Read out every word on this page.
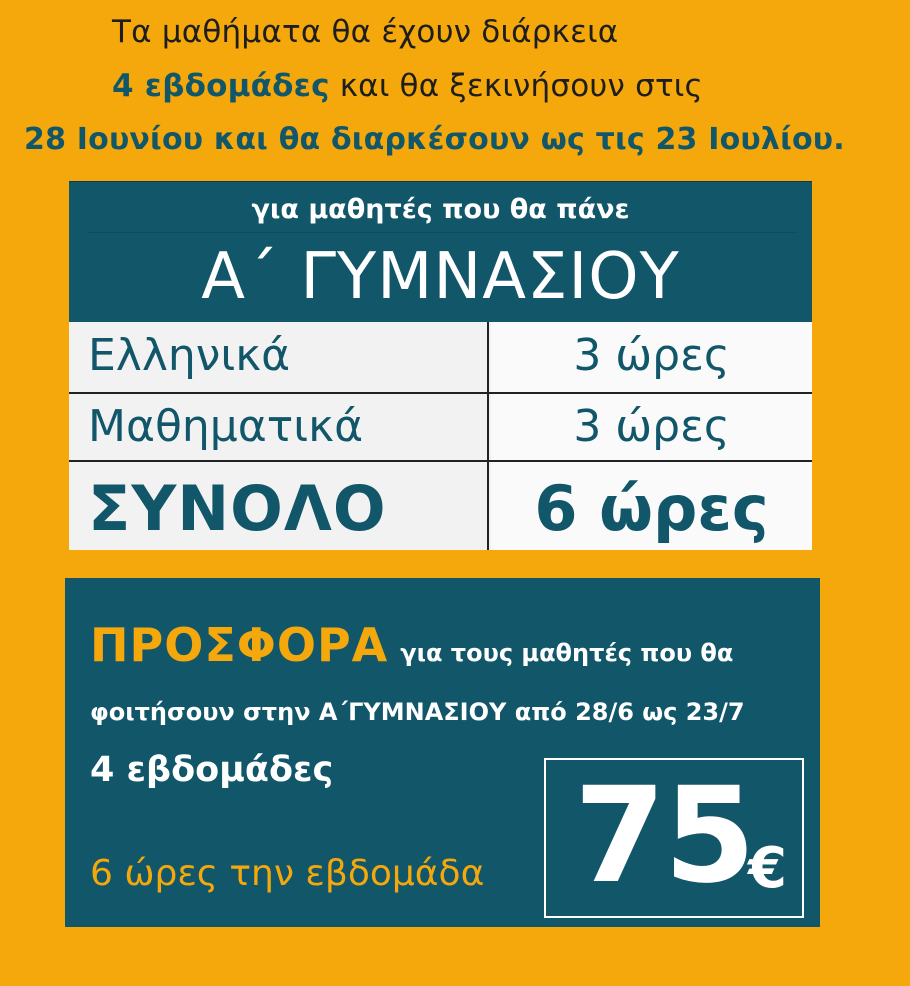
Τα μαθήματα θα έχουν διάρκεια
4 εβδομάδες και θα ξεκινήσουν στις
28 Ιουνίου και θα διαρκέσουν ως τις 23 Ιουλίου.
για μαθητές που θα πάνε
Α΄ ΓΥΜΝΑΣΙΟΥ
Ελληνικά	3 ώρες
Μαθηματικά	3 ώρες
ΣΥΝΟΛΟ	6 ώρες
ΠΡΟΣΦΟΡΑ για τους μαθητές που θα
φοιτήσουν στην Α΄ΓΥΜΝΑΣΙΟΥ από 28/6 ως 23/7
4 εβδομάδες
6 ώρες την εβδομάδα 75
€
